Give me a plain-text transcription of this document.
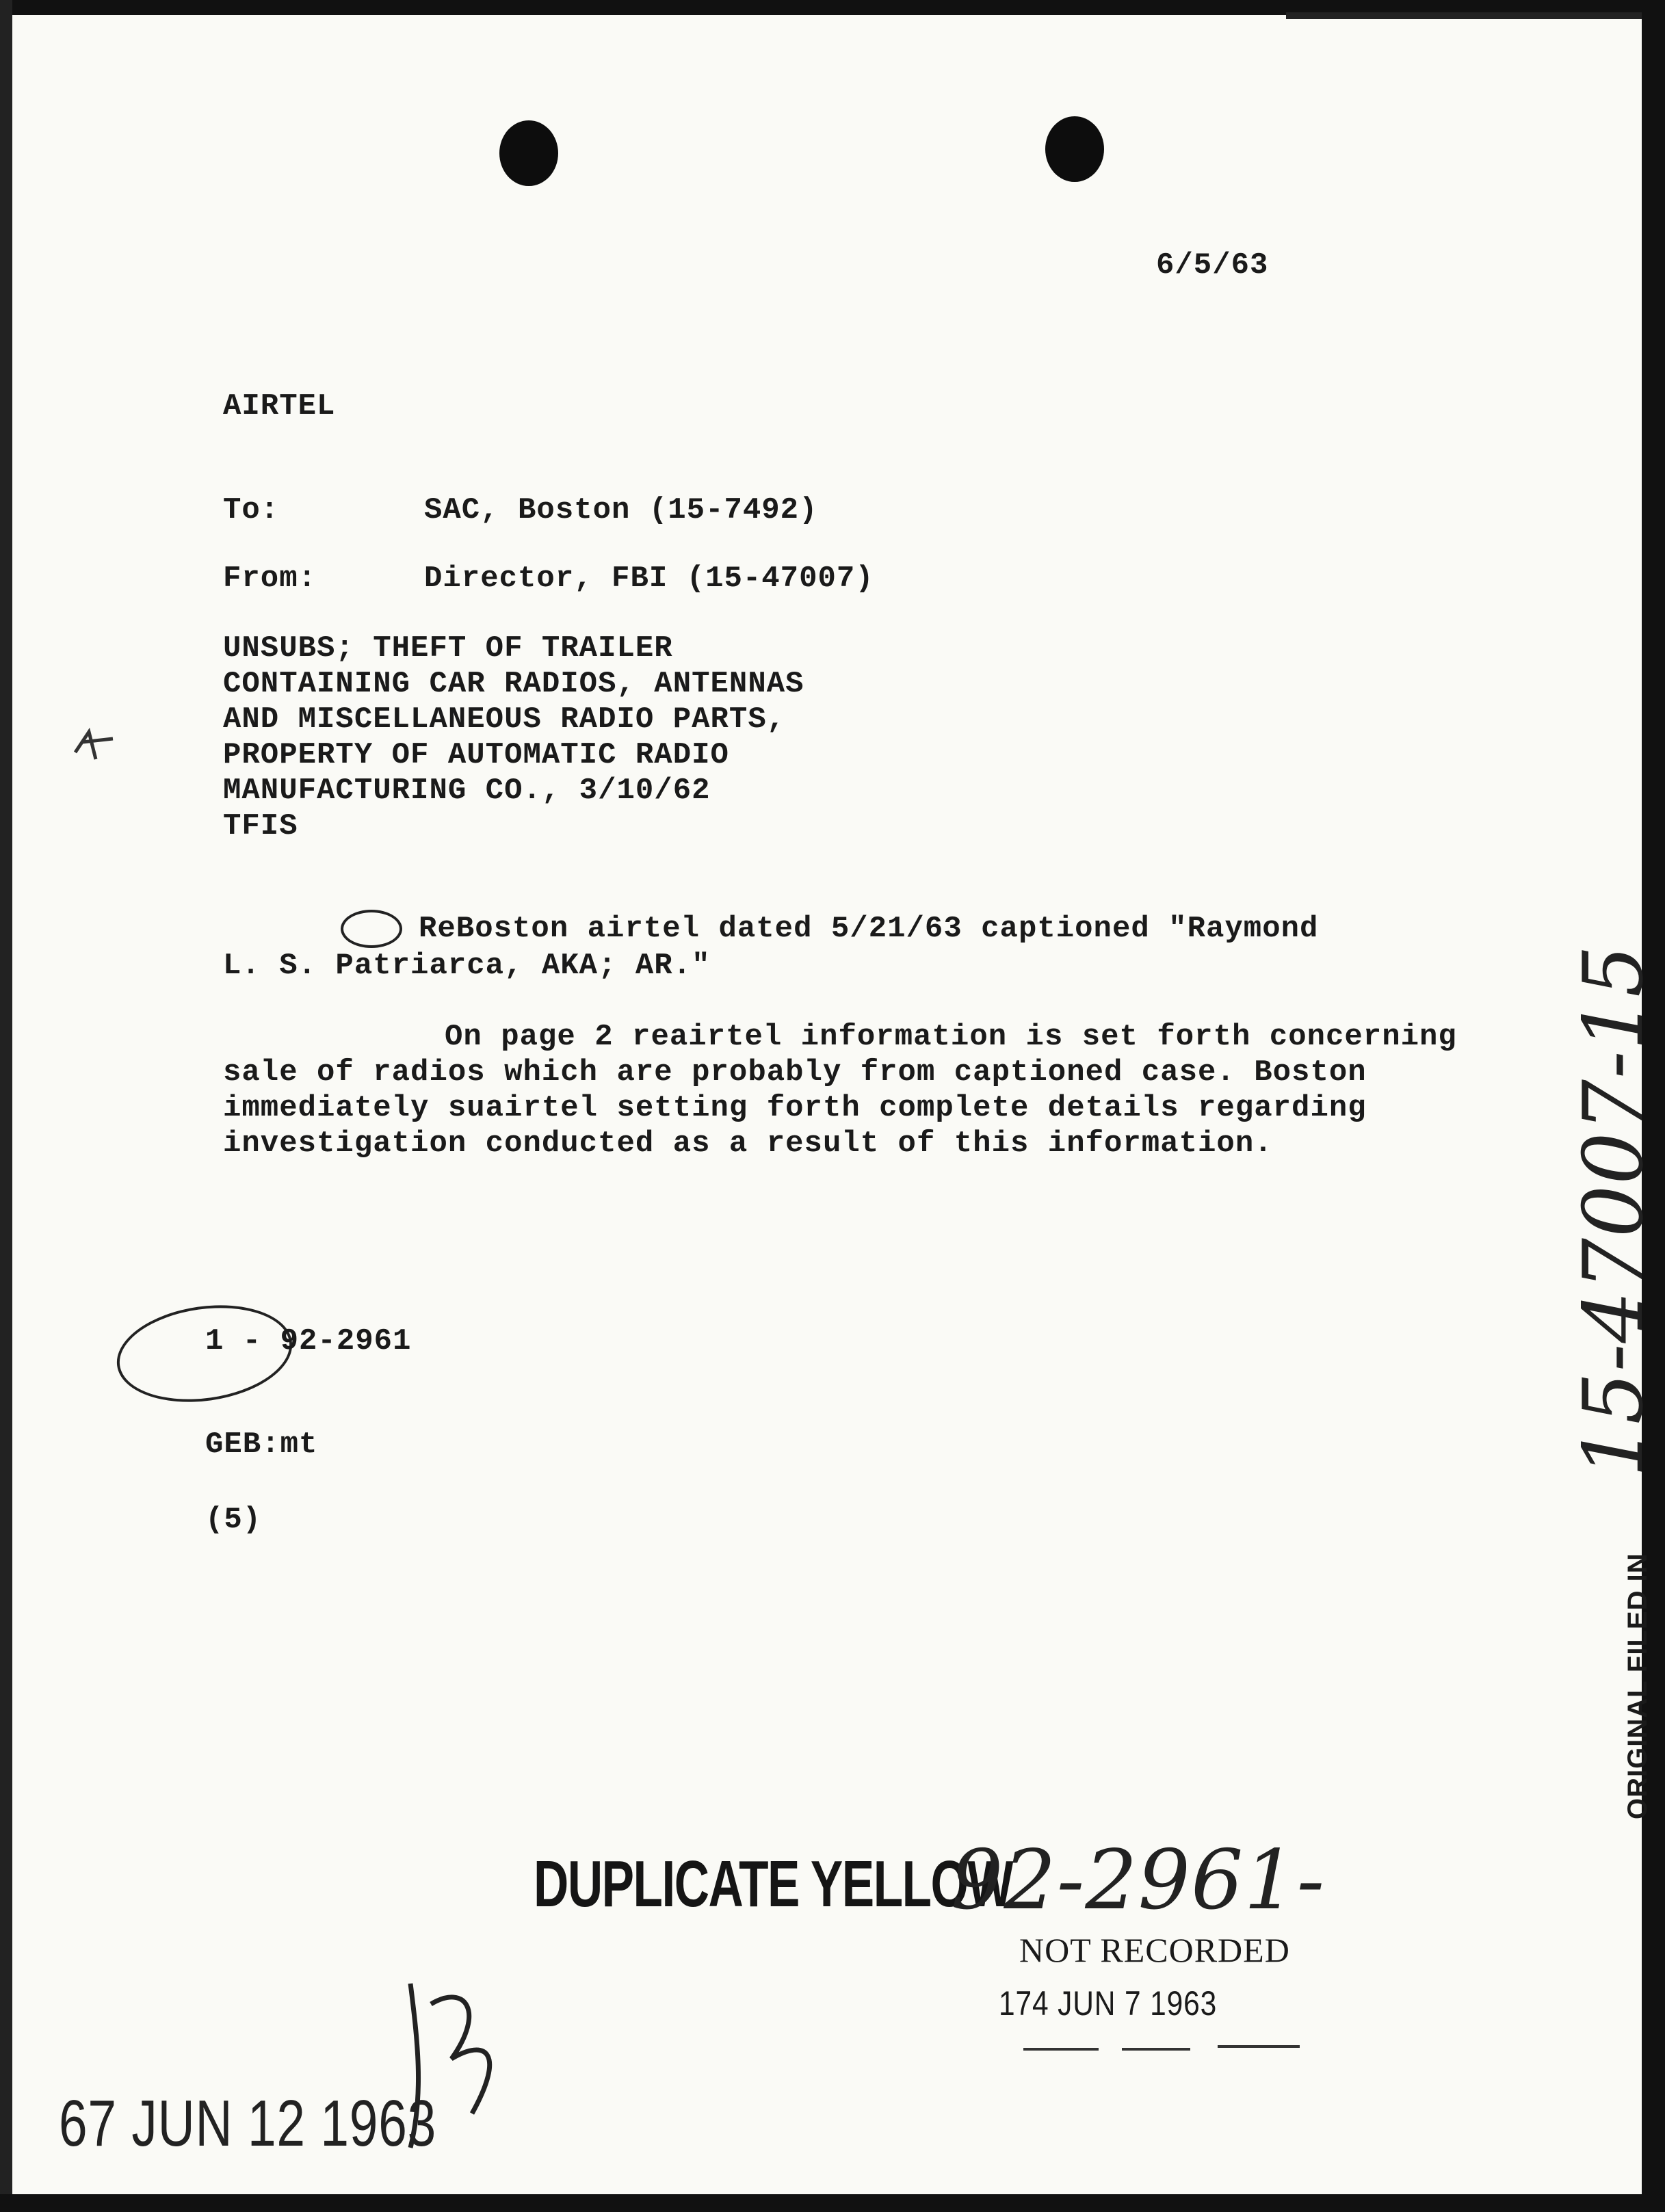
6/5/63
AIRTEL
To:	SAC, Boston (15-7492)
From:	Director, FBI (15-47007)
UNSUBS; THEFT OF TRAILER
CONTAINING CAR RADIOS, ANTENNAS
AND MISCELLANEOUS RADIO PARTS,
PROPERTY OF AUTOMATIC RADIO
MANUFACTURING CO., 3/10/62
TFIS
ReBoston airtel dated 5/21/63 captioned "Raymond
L. S. Patriarca, AKA; AR."
On page 2 reairtel information is set forth concerning
sale of radios which are probably from captioned case. Boston
immediately suairtel setting forth complete details regarding
investigation conducted as a result of this information.
1 - 92-2961
GEB:mt
(5)
DUPLICATE YELLOW
92-2961-
NOT RECORDED
174 JUN 7 1963
67 JUN 12 1963
15-47007-15
ORIGINAL FILED IN
